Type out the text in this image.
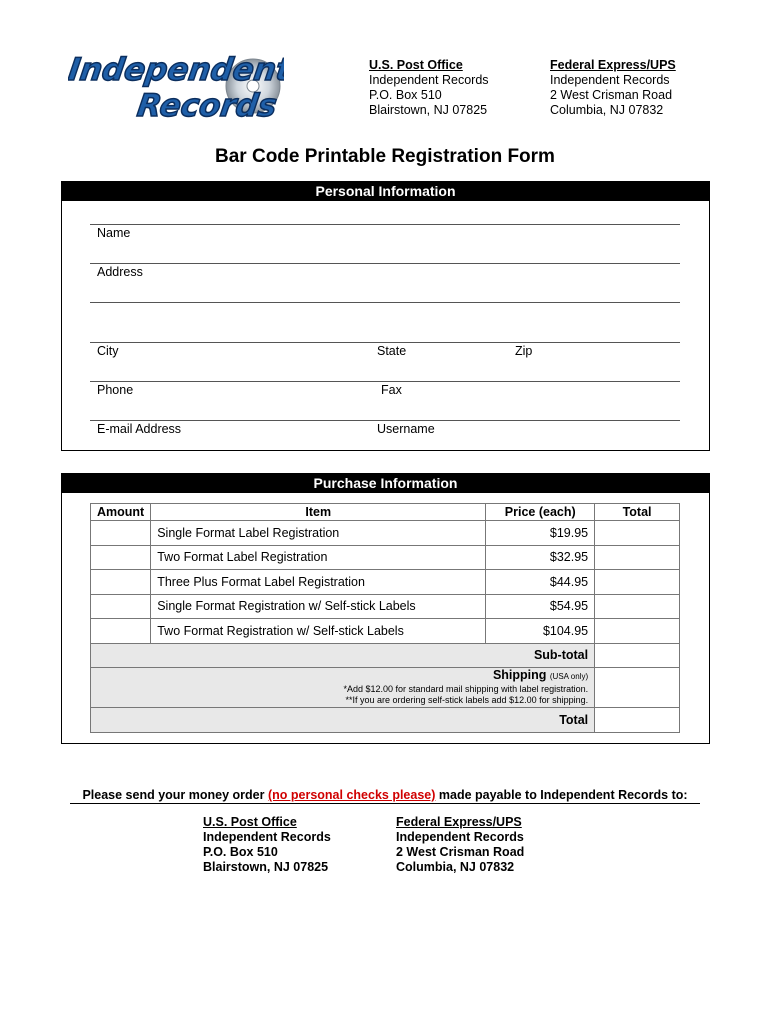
Independent
Records
U.S. Post Office
Independent Records
P.O. Box 510
Blairstown, NJ 07825
Federal Express/UPS
Independent Records
2 West Crisman Road
Columbia, NJ 07832
Bar Code Printable Registration Form
Personal Information
Name
Address
City	State	Zip
Phone	Fax
E-mail Address	Username
Purchase Information
Amount	Item	Price (each)	Total
	Single Format Label Registration	$19.95	
	Two Format Label Registration	$32.95	
	Three Plus Format Label Registration	$44.95	
	Single Format Registration w/ Self-stick Labels	$54.95	
	Two Format Registration w/ Self-stick Labels	$104.95	
Sub-total			

Shipping (USA only)
*Add $12.00 for standard mail shipping with label registration.
**If you are ordering self-stick labels add $12.00 for shipping.			

Total			
Please send your money order (no personal checks please) made payable to Independent Records to:
U.S. Post Office
Independent Records
P.O. Box 510
Blairstown, NJ 07825
Federal Express/UPS
Independent Records
2 West Crisman Road
Columbia, NJ 07832
